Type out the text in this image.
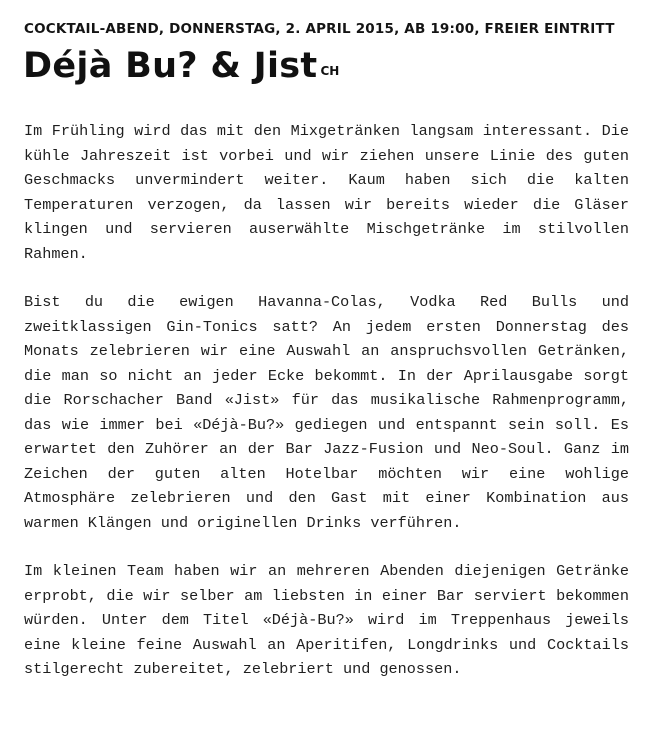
COCKTAIL-ABEND, DONNERSTAG, 2. APRIL 2015, AB 19:00, FREIER EINTRITT
Déjà Bu? & Jist $^{CH}$

Im Frühling wird das mit den Mixgetränken langsam interessant. Die kühle Jahreszeit ist vorbei und wir ziehen unsere Linie des guten Geschmacks unvermindert weiter. Kaum haben sich die kalten Temperaturen verzogen, da lassen wir bereits wieder die Gläser klingen und servieren auserwählte Mischgetränke im stilvollen Rahmen.

Bist du die ewigen Havanna-Colas, Vodka Red Bulls und zweitklassigen Gin-Tonics satt? An jedem ersten Donnerstag des Monats zelebrieren wir eine Auswahl an anspruchsvollen Getränken, die man so nicht an jeder Ecke bekommt. In der Aprilausgabe sorgt die Rorschacher Band «Jist» für das musikalische Rahmenprogramm, das wie immer bei «Déjà-Bu?» gediegen und entspannt sein soll. Es erwartet den Zuhörer an der Bar Jazz-Fusion und Neo-Soul. Ganz im Zeichen der guten alten Hotelbar möchten wir eine wohlige Atmosphäre zelebrieren und den Gast mit einer Kombination aus warmen Klängen und originellen Drinks verführen.

Im kleinen Team haben wir an mehreren Abenden diejenigen Getränke erprobt, die wir selber am liebsten in einer Bar serviert bekommen würden. Unter dem Titel «Déjà-Bu?» wird im Treppenhaus jeweils eine kleine feine Auswahl an Aperitifen, Longdrinks und Cocktails stilgerecht zubereitet, zelebriert und genossen.
